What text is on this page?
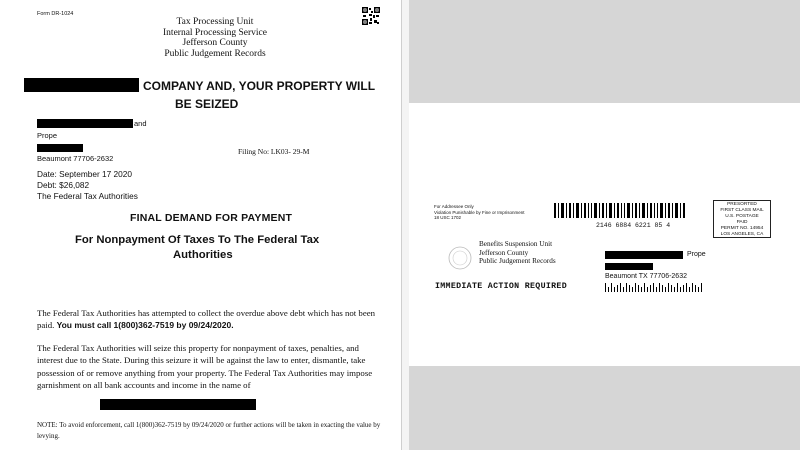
Form DR-1024
Tax Processing Unit
Internal Processing Service
Jefferson County
Public Judgement Records
COMPANY AND, YOUR PROPERTY WILL
BE SEIZED
and
Prope
Beaumont 77706-2632
Filing No: LK03- 29-M
Date: September 17 2020
Debt: $26,082
The Federal Tax Authorities
FINAL DEMAND FOR PAYMENT
For Nonpayment Of Taxes To The Federal Tax
Authorities
The Federal Tax Authorities has attempted to collect the overdue above debt which has not been paid. You must call 1(800)362-7519 by 09/24/2020.
The Federal Tax Authorities will seize this property for nonpayment of taxes, penalties, and interest due to the State. During this seizure it will be against the law to enter, dismantle, take possession of or remove anything from your property. The Federal Tax Authorities may impose garnishment on all bank accounts and income in the name of
NOTE: To avoid enforcement, call 1(800)362-7519 by 09/24/2020 or further actions will be taken in exacting the value by levying.
For Addressee Only
Violation Punishable by Fine or Imprisonment
18 USC 1702
2146 6884 6221 85 4
PRESORTED
FIRST CLASS MAIL
U.S. POSTAGE
PAID
PERMIT NO. 14954
LOS ANGELES, CA
Benefits Suspension Unit
Jefferson County
Public Judgement Records
Prope
Beaumont TX 77706-2632
IMMEDIATE ACTION REQUIRED
